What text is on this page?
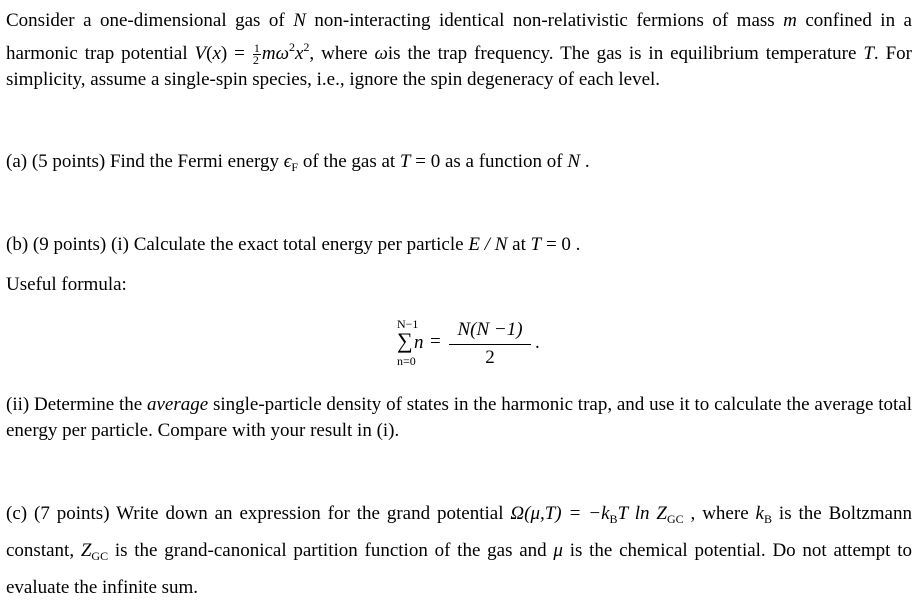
Consider a one-dimensional gas of N non-interacting identical non-relativistic fermions of mass m confined in a harmonic trap potential $V(x) = \frac{1}{2} m\omega^2x^2$, where ωis the trap frequency. The gas is in equilibrium temperature T. For simplicity, assume a single-spin species, i.e., ignore the spin degeneracy of each level.

(a) (5 points) Find the Fermi energy $\epsilon_F$ of the gas at T = 0 as a function of N .

(b) (9 points) (i) Calculate the exact total energy per particle E / N at T = 0 .

Useful formula:

N−1
∑
n=0
$n = \frac{N(N -1)}{2}$ .

(ii) Determine the average single-particle density of states in the harmonic trap, and use it to calculate the average total energy per particle. Compare with your result in (i).

(c) (7 points) Write down an expression for the grand potential $\Omega(\mu,T) = -k_BT$ $\ln Z_{GC}$ , where $k_B$ is the Boltzmann constant, $Z_{GC}$ is the grand-canonical partition function of the gas and μ is the chemical potential. Do not attempt to evaluate the infinite sum.
